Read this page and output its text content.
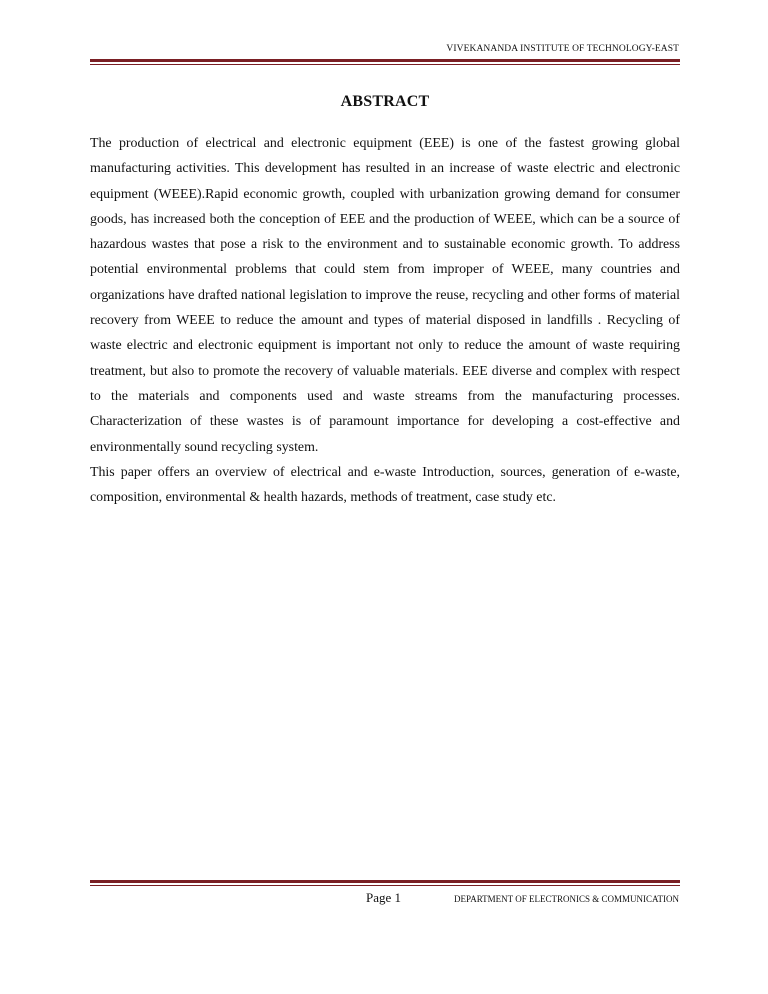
VIVEKANANDA INSTITUTE OF TECHNOLOGY-EAST
ABSTRACT

The production of electrical and electronic equipment (EEE) is one of the fastest growing global manufacturing activities. This development has resulted in an increase of waste electric and electronic equipment (WEEE).Rapid economic growth, coupled with urbanization growing demand for consumer goods, has increased both the conception of EEE and the production of WEEE, which can be a source of hazardous wastes that pose a risk to the environment and to sustainable economic growth. To address potential environmental problems that could stem from improper of WEEE, many countries and organizations have drafted national legislation to improve the reuse, recycling and other forms of material recovery from WEEE to reduce the amount and types of material disposed in landfills . Recycling of waste electric and electronic equipment is important not only to reduce the amount of waste requiring treatment, but also to promote the recovery of valuable materials. EEE diverse and complex with respect to the materials and components used and waste streams from the manufacturing processes. Characterization of these wastes is of paramount importance for developing a cost-effective and environmentally sound recycling system.

This paper offers an overview of electrical and e-waste Introduction, sources, generation of e-waste, composition, environmental & health hazards, methods of treatment, case study etc.

Page 1	DEPARTMENT OF ELECTRONICS & COMMUNICATION
